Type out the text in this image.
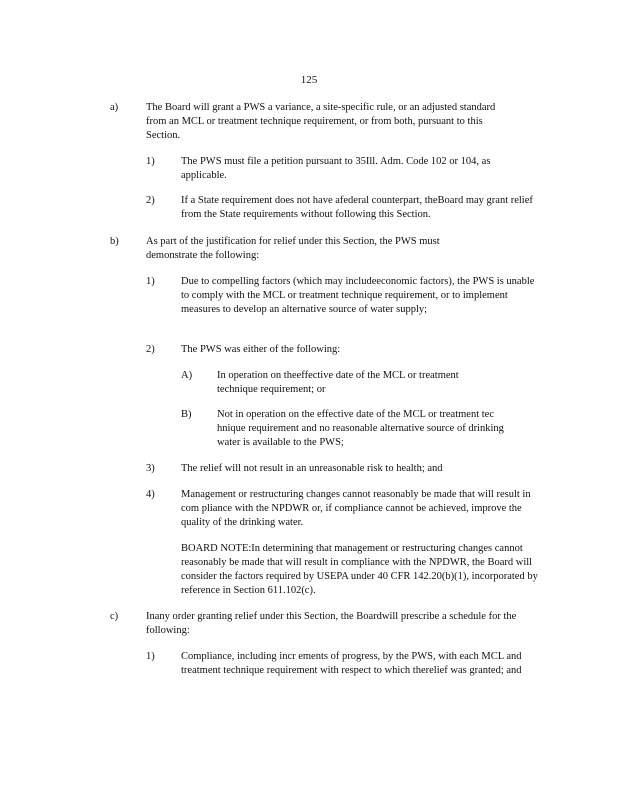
125
a)	The Board will grant a PWS a variance, a site-specific rule, or an adjusted standard from an MCL or treatment technique requirement, or from both, pursuant to this Section.
1)	The PWS must file a petition pursuant to 35Ill. Adm. Code 102 or 104, as applicable.
2)	If a State requirement does not have afederal counterpart, theBoard may grant relief from the State requirements without following this Section.
b)	As part of the justification for relief under this Section, the PWS must demonstrate the following:
1)	Due to compelling factors (which may includeeconomic factors), the PWS is unable to comply with the MCL or treatment technique requirement, or to implement measures to develop an alternative source of water supply;
2)	The PWS was either of the following:
A) In operation on theeffective date of the MCL or treatment technique requirement; or
B) Not in operation on the effective date of the MCL or treatment tec hnique requirement and no reasonable alternative source of drinking water is available to the PWS;
3)	The relief will not result in an unreasonable risk to health; and
4)	Management or restructuring changes cannot reasonably be made that will result in com pliance with the NPDWR or, if compliance cannot be achieved, improve the quality of the drinking water.
BOARD NOTE:In determining that management or restructuring changes cannot reasonably be made that will result in compliance with the NPDWR, the Board will consider the factors required by USEPA under 40 CFR 142.20(b)(1), incorporated by reference in Section 611.102(c).
c)	Inany order granting relief under this Section, the Boardwill prescribe a schedule for the following:
1)	Compliance, including incr ements of progress, by the PWS, with each MCL and treatment technique requirement with respect to which therelief was granted; and
